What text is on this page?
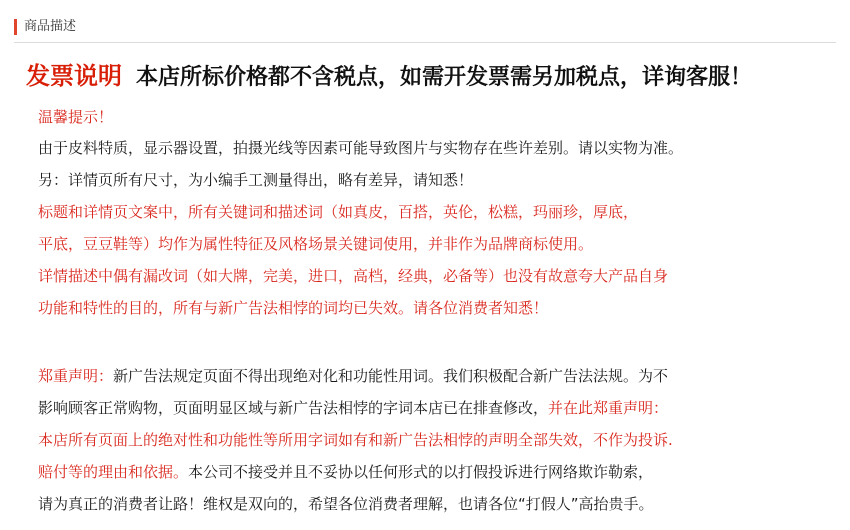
商品描述
发票说明 本店所标价格都不含税点，如需开发票需另加税点，详询客服！
温馨提示！
由于皮料特质，显示器设置，拍摄光线等因素可能导致图片与实物存在些许差别。请以实物为准。
另：详情页所有尺寸，为小编手工测量得出，略有差异，请知悉！
标题和详情页文案中，所有关键词和描述词（如真皮，百搭，英伦，松糕，玛丽珍，厚底，
平底，豆豆鞋等）均作为属性特征及风格场景关键词使用，并非作为品牌商标使用。
详情描述中偶有漏改词（如大牌，完美，进口，高档，经典，必备等）也没有故意夸大产品自身
功能和特性的目的，所有与新广告法相悖的词均已失效。请各位消费者知悉！
郑重声明：新广告法规定页面不得出现绝对化和功能性用词。我们积极配合新广告法法规。为不
影响顾客正常购物，页面明显区域与新广告法相悖的字词本店已在排查修改，并在此郑重声明：
本店所有页面上的绝对性和功能性等所用字词如有和新广告法相悖的声明全部失效，不作为投诉.
赔付等的理由和依据。本公司不接受并且不妥协以任何形式的以打假投诉进行网络欺诈勒索，
请为真正的消费者让路！维权是双向的，希望各位消费者理解，也请各位“打假人”高抬贵手。
